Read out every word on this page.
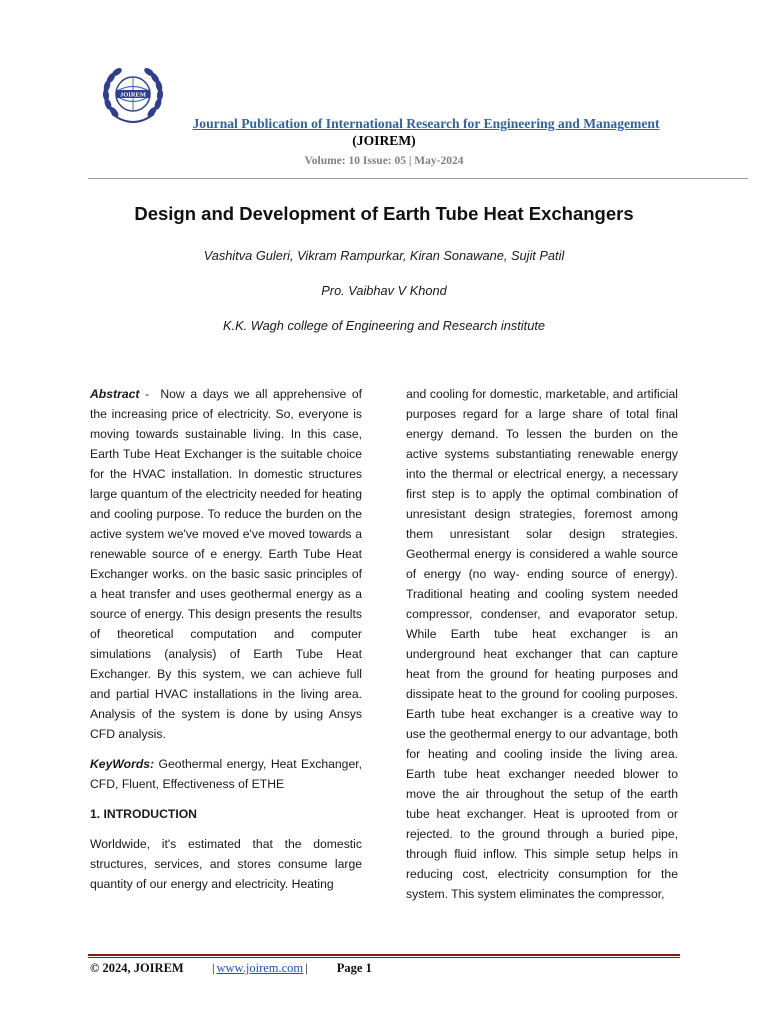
JOIREM
Journal Publication of International Research for Engineering and Management
(JOIREM)
Volume: 10 Issue: 05 | May-2024
Design and Development of Earth Tube Heat Exchangers
Vashitva Guleri, Vikram Rampurkar, Kiran Sonawane, Sujit Patil
Pro. Vaibhav V Khond
K.K. Wagh college of Engineering and Research institute

Abstract -  Now a days we all apprehensive of the increasing price of electricity. So, everyone is moving towards sustainable living. In this case, Earth Tube Heat Exchanger is the suitable choice for the HVAC installation. In domestic structures large quantum of the electricity needed for heating and cooling purpose. To reduce the burden on the active system we've moved e've moved towards a renewable source of e energy. Earth Tube Heat Exchanger works. on the basic sasic principles of a heat transfer and uses geothermal energy as a source of energy. This design presents the results of theoretical computation and computer simulations (analysis) of Earth Tube Heat Exchanger. By this system, we can achieve full and partial HVAC installations in the living area. Analysis of the system is done by using Ansys CFD analysis.

KeyWords: Geothermal energy, Heat Exchanger, CFD, Fluent, Effectiveness of ETHE

1. INTRODUCTION

Worldwide, it's estimated that the domestic structures, services, and stores consume large quantity of our energy and electricity. Heating

and cooling for domestic, marketable, and artificial purposes regard for a large share of total final energy demand. To lessen the burden on the active systems substantiating renewable energy into the thermal or electrical energy, a necessary first step is to apply the optimal combination of unresistant design strategies, foremost among them unresistant solar design strategies. Geothermal energy is considered a wahle source of energy (no way- ending source of energy). Traditional heating and cooling system needed compressor, condenser, and evaporator setup. While Earth tube heat exchanger is an underground heat exchanger that can capture heat from the ground for heating purposes and dissipate heat to the ground for cooling purposes. Earth tube heat exchanger is a creative way to use the geothermal energy to our advantage, both for heating and cooling inside the living area. Earth tube heat exchanger needed blower to move the air throughout the setup of the earth tube heat exchanger. Heat is uprooted from or rejected. to the ground through a buried pipe, through fluid inflow. This simple setup helps in reducing cost, electricity consumption for the system. This system eliminates the compressor,

© 2024, JOIREM | www.joirem.com | Page 1
